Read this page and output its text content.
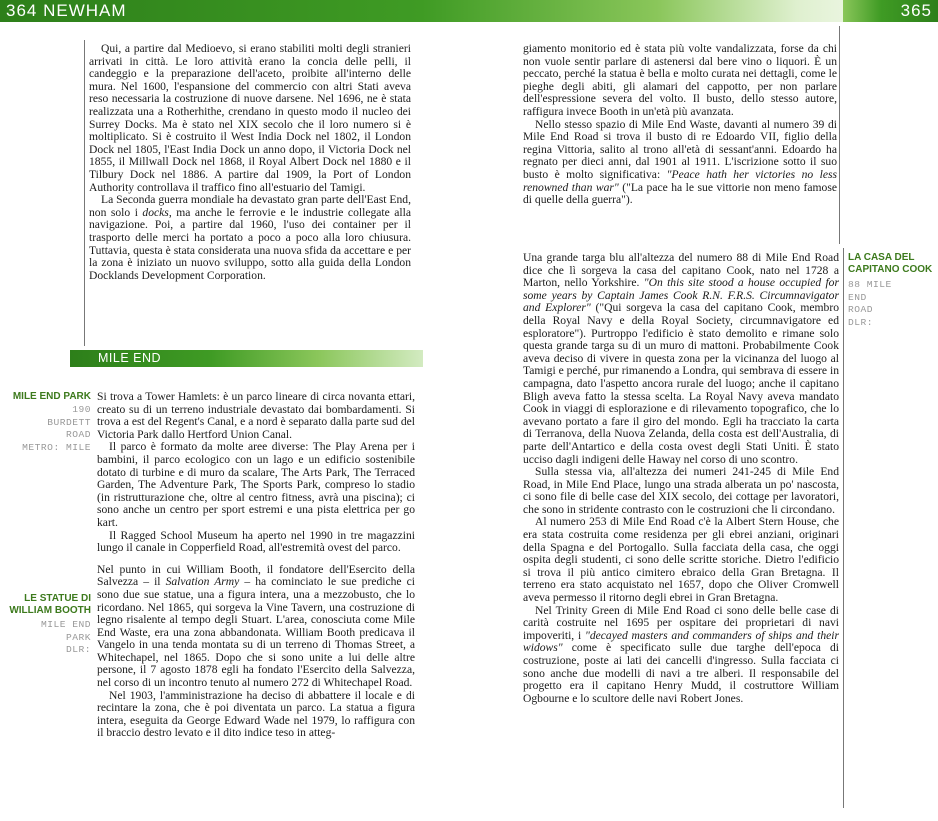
364 NEWHAM	365

Qui, a partire dal Medioevo, si erano stabiliti molti degli stranieri arrivati in città. Le loro attività erano la concia delle pelli, il candeggio e la preparazione dell'aceto, proibite all'interno delle mura. Nel 1600, l'espansione del commercio con altri Stati aveva reso necessaria la costruzione di nuove darsene. Nel 1696, ne è stata realizzata una a Rotherhithe, crendano in questo modo il nucleo dei Surrey Docks. Ma è stato nel XIX secolo che il loro numero si è moltiplicato. Si è costruito il West India Dock nel 1802, il London Dock nel 1805, l'East India Dock un anno dopo, il Victoria Dock nel 1855, il Millwall Dock nel 1868, il Royal Albert Dock nel 1880 e il Tilbury Dock nel 1886. A partire dal 1909, la Port of London Authority controllava il traffico fino all'estuario del Tamigi.

La Seconda guerra mondiale ha devastato gran parte dell'East End, non solo i docks, ma anche le ferrovie e le industrie collegate alla navigazione. Poi, a partire dal 1960, l'uso dei container per il trasporto delle merci ha portato a poco a poco alla loro chiusura. Tuttavia, questa è stata considerata una nuova sfida da accettare e per la zona è iniziato un nuovo sviluppo, sotto alla guida della London Docklands Development Corporation.

MILE END
MILE END PARK
190
BURDETT
ROAD
METRO: MILE
LE STATUE DI
WILLIAM BOOTH
MILE END
PARK
DLR:

Si trova a Tower Hamlets: è un parco lineare di circa novanta ettari, creato su di un terreno industriale devastato dai bombardamenti. Si trova a est del Regent's Canal, e a nord è separato dalla parte sud del Victoria Park dallo Hertford Union Canal.

Il parco è formato da molte aree diverse: The Play Arena per i bambini, il parco ecologico con un lago e un edificio sostenibile dotato di turbine e di muro da scalare, The Arts Park, The Terraced Garden, The Adventure Park, The Sports Park, compreso lo stadio (in ristrutturazione che, oltre al centro fitness, avrà una piscina); ci sono anche un centro per sport estremi e una pista elettrica per go kart.

Il Ragged School Museum ha aperto nel 1990 in tre magazzini lungo il canale in Copperfield Road, all'estremità ovest del parco.

Nel punto in cui William Booth, il fondatore dell'Esercito della Salvezza – il Salvation Army – ha cominciato le sue prediche ci sono due sue statue, una a figura intera, una a mezzobusto, che lo ricordano. Nel 1865, qui sorgeva la Vine Tavern, una costruzione di legno risalente al tempo degli Stuart. L'area, conosciuta come Mile End Waste, era una zona abbandonata. William Booth predicava il Vangelo in una tenda montata su di un terreno di Thomas Street, a Whitechapel, nel 1865. Dopo che si sono unite a lui delle altre persone, il 7 agosto 1878 egli ha fondato l'Esercito della Salvezza, nel corso di un incontro tenuto al numero 272 di Whitechapel Road.

Nel 1903, l'amministrazione ha deciso di abbattere il locale e di recintare la zona, che è poi diventata un parco. La statua a figura intera, eseguita da George Edward Wade nel 1979, lo raffigura con il braccio destro levato e il dito indice teso in atteg-

giamento monitorio ed è stata più volte vandalizzata, forse da chi non vuole sentir parlare di astenersi dal bere vino o liquori. È un peccato, perché la statua è bella e molto curata nei dettagli, come le pieghe degli abiti, gli alamari del cappotto, per non parlare dell'espressione severa del volto. Il busto, dello stesso autore, raffigura invece Booth in un'età più avanzata.

Nello stesso spazio di Mile End Waste, davanti al numero 39 di Mile End Road si trova il busto di re Edoardo VII, figlio della regina Vittoria, salito al trono all'età di sessant'anni. Edoardo ha regnato per dieci anni, dal 1901 al 1911. L'iscrizione sotto il suo busto è molto significativa: "Peace hath her victories no less renowned than war" ("La pace ha le sue vittorie non meno famose di quelle della guerra").

Una grande targa blu all'altezza del numero 88 di Mile End Road dice che lì sorgeva la casa del capitano Cook, nato nel 1728 a Marton, nello Yorkshire. "On this site stood a house occupied for some years by Captain James Cook R.N. F.R.S. Circumnavigator and Explorer" ("Qui sorgeva la casa del capitano Cook, membro della Royal Navy e della Royal Society, circumnavigatore ed esploratore"). Purtroppo l'edificio è stato demolito e rimane solo questa grande targa su di un muro di mattoni. Probabilmente Cook aveva deciso di vivere in questa zona per la vicinanza del luogo al Tamigi e perché, pur rimanendo a Londra, qui sembrava di essere in campagna, dato l'aspetto ancora rurale del luogo; anche il capitano Bligh aveva fatto la stessa scelta. La Royal Navy aveva mandato Cook in viaggi di esplorazione e di rilevamento topografico, che lo avevano portato a fare il giro del mondo. Egli ha tracciato la carta di Terranova, della Nuova Zelanda, della costa est dell'Australia, di parte dell'Antartico e della costa ovest degli Stati Uniti. È stato ucciso dagli indigeni delle Haway nel corso di uno scontro.

Sulla stessa via, all'altezza dei numeri 241-245 di Mile End Road, in Mile End Place, lungo una strada alberata un po' nascosta, ci sono file di belle case del XIX secolo, dei cottage per lavoratori, che sono in stridente contrasto con le costruzioni che li circondano.

Al numero 253 di Mile End Road c'è la Albert Stern House, che era stata costruita come residenza per gli ebrei anziani, originari della Spagna e del Portogallo. Sulla facciata della casa, che oggi ospita degli studenti, ci sono delle scritte storiche. Dietro l'edificio si trova il più antico cimitero ebraico della Gran Bretagna. Il terreno era stato acquistato nel 1657, dopo che Oliver Cromwell aveva permesso il ritorno degli ebrei in Gran Bretagna.

Nel Trinity Green di Mile End Road ci sono delle belle case di carità costruite nel 1695 per ospitare dei proprietari di navi impoveriti, i "decayed masters and commanders of ships and their widows" come è specificato sulle due targhe dell'epoca di costruzione, poste ai lati dei cancelli d'ingresso. Sulla facciata ci sono anche due modelli di navi a tre alberi. Il responsabile del progetto era il capitano Henry Mudd, il costruttore William Ogbourne e lo scultore delle navi Robert Jones.

LA CASA DEL
CAPITANO COOK
88 MILE
END
ROAD
DLR:
